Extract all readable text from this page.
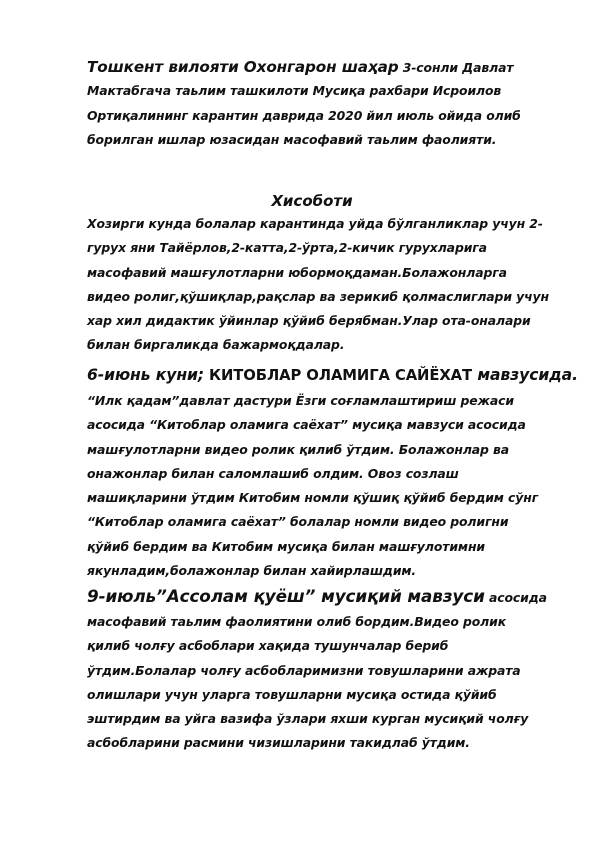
Тошкент вилояти Охонгарон шаҳар 3-сонли Давлат
Мактабгача таьлим ташкилоти Мусиқа рахбари Исроилов
Ортиқалининг карантин даврида 2020 йил июль ойида олиб
борилган ишлар юзасидан масофавий таьлим фаолияти.
Хисоботи
Хозирги кунда болалар карантинда уйда бўлганликлар учун 2-
гурух яни Тайёрлов,2-катта,2-ўрта,2-кичик гурухларига
масофавий машғулотларни юбормоқдаман.Болажонларга
видео ролиг,қўшиқлар,рақслар ва зерикиб қолмаслиглари учун
хар хил дидактик ўйинлар қўйиб берябман.Улар ота-оналари
билан биргаликда бажармоқдалар.
6-июнь куни; КИТОБЛАР ОЛАМИГА САЙЁХАТ мавзусида.
“Илк қадам”давлат дастури Ёзги соғламлаштириш режаси
асосида “Китоблар оламига саёхат” мусиқа мавзуси асосида
машғулотларни видео ролик қилиб ўтдим. Болажонлар ва
онажонлар билан саломлашиб олдим. Овоз созлаш
машиқларини ўтдим Китобим номли қўшиқ қўйиб бердим сўнг
“Китоблар оламига саёхат” болалар номли видео ролигни
қўйиб бердим ва Китобим мусиқа билан машғулотимни
якунладим,болажонлар билан хайирлашдим.
9-июль”Ассолам қуёш” мусиқий мавзуси асосида
масофавий таьлим фаолиятини олиб бордим.Видео ролик
қилиб чолғу асбоблари хақида тушунчалар бериб
ўтдим.Болалар чолғу асбобларимизни товушларини ажрата
олишлари учун уларга товушларни мусиқа остида қўйиб
эштирдим ва уйга вазифа ўзлари яхши курган мусиқий чолғу
асбобларини расмини чизишларини такидлаб ўтдим.
